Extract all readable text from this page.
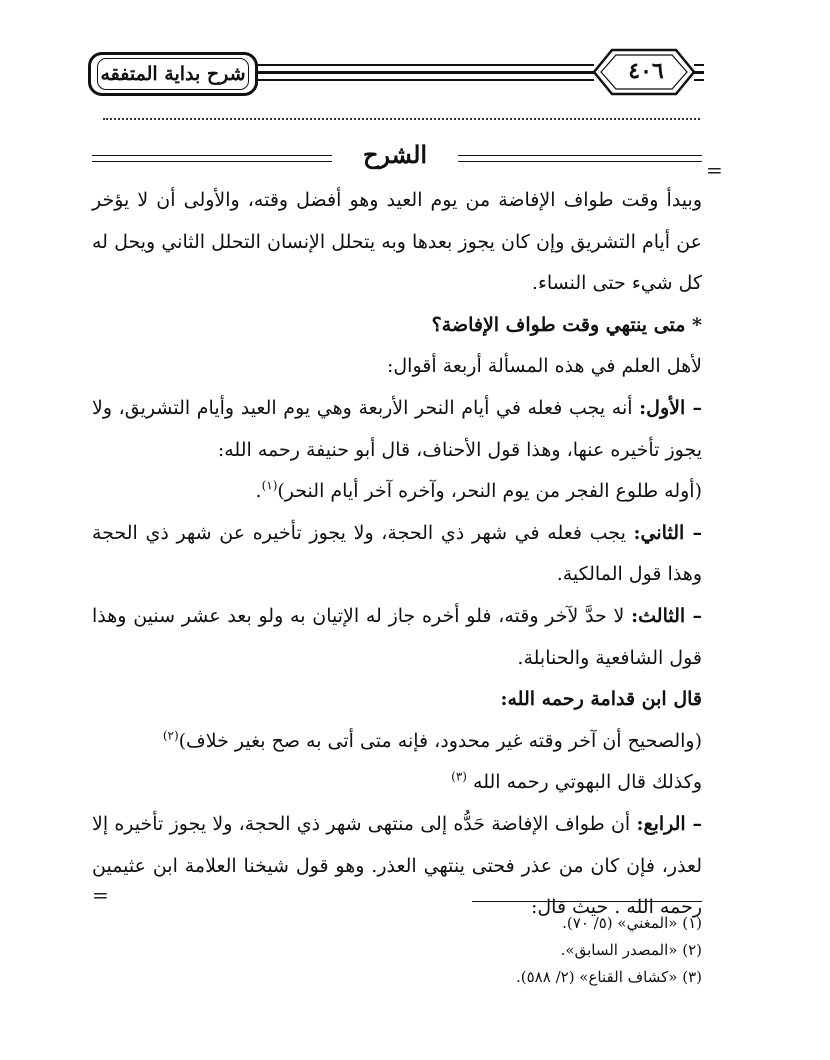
شرح بداية المتفقه	٤٠٦
الشرح
=

وبيدأ وقت طواف الإفاضة من يوم العيد وهو أفضل وقته، والأولى أن لا يؤخر عن أيام التشريق وإن كان يجوز بعدها وبه يتحلل الإنسان التحلل الثاني ويحل له كل شيء حتى النساء.

* متى ينتهي وقت طواف الإفاضة؟

لأهل العلم في هذه المسألة أربعة أقوال:

– الأول: أنه يجب فعله في أيام النحر الأربعة وهي يوم العيد وأيام التشريق، ولا يجوز تأخيره عنها، وهذا قول الأحناف، قال أبو حنيفة رحمه الله:

(أوله طلوع الفجر من يوم النحر، وآخره آخر أيام النحر)$^{(١)}$.

– الثاني: يجب فعله في شهر ذي الحجة، ولا يجوز تأخيره عن شهر ذي الحجة وهذا قول المالكية.

– الثالث: لا حدَّ لآخر وقته، فلو أخره جاز له الإتيان به ولو بعد عشر سنين وهذا قول الشافعية والحنابلة.

قال ابن قدامة رحمه الله:

(والصحيح أن آخر وقته غير محدود، فإنه متى أتى به صح بغير خلاف)$^{(٢)}$

وكذلك قال البهوتي رحمه الله $^{(٣)}$

– الرابع: أن طواف الإفاضة حَدُّه إلى منتهى شهر ذي الحجة، ولا يجوز تأخيره إلا لعذر، فإن كان من عذر فحتى ينتهي العذر. وهو قول شيخنا العلامة ابن عثيمين رحمه الله . حيث قال:

=
(١) «المغني» (٥/ ٧٠).
(٢) «المصدر السابق».
(٣) «كشاف القناع» (٢/ ٥٨٨).
